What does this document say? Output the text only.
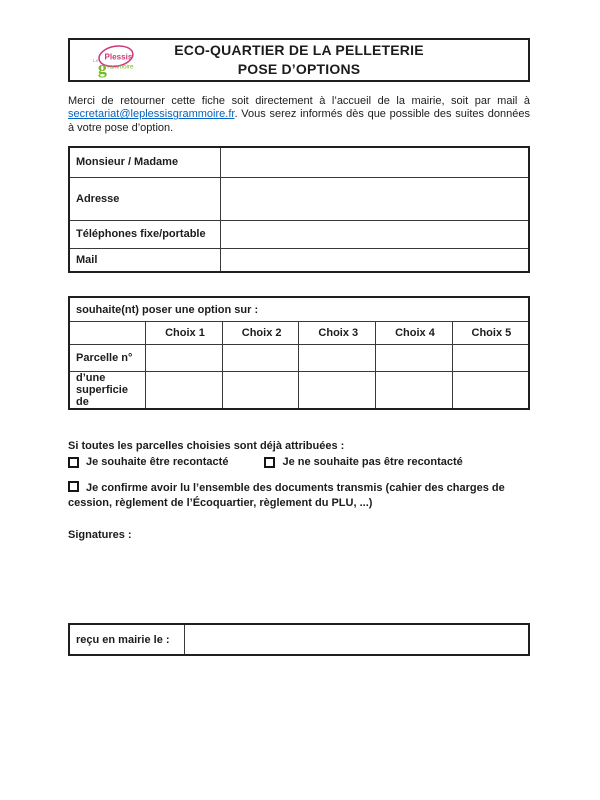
Le g
Plessis
rammoire
ECO-QUARTIER DE LA PELLETERIE
POSE D’OPTIONS

Merci de retourner cette fiche soit directement à l’accueil de la mairie, soit par mail à secretariat@leplessisgrammoire.fr. Vous serez informés dès que possible des suites données à votre pose d’option.

Monsieur / Madame	
Adresse	
Téléphones fixe/portable	
Mail	
souhaite(nt) poser une option sur :					
	Choix 1	Choix 2	Choix 3	Choix 4	Choix 5
Parcelle n°					
d’une superficie de					
Si toutes les parcelles choisies sont déjà attribuées :
Je souhaite être recontacté	Je ne souhaite pas être recontacté

Je confirme avoir lu l’ensemble des documents transmis (cahier des charges de cession, règlement de l’Écoquartier, règlement du PLU, ...)

Signatures :
reçu en mairie le :	
